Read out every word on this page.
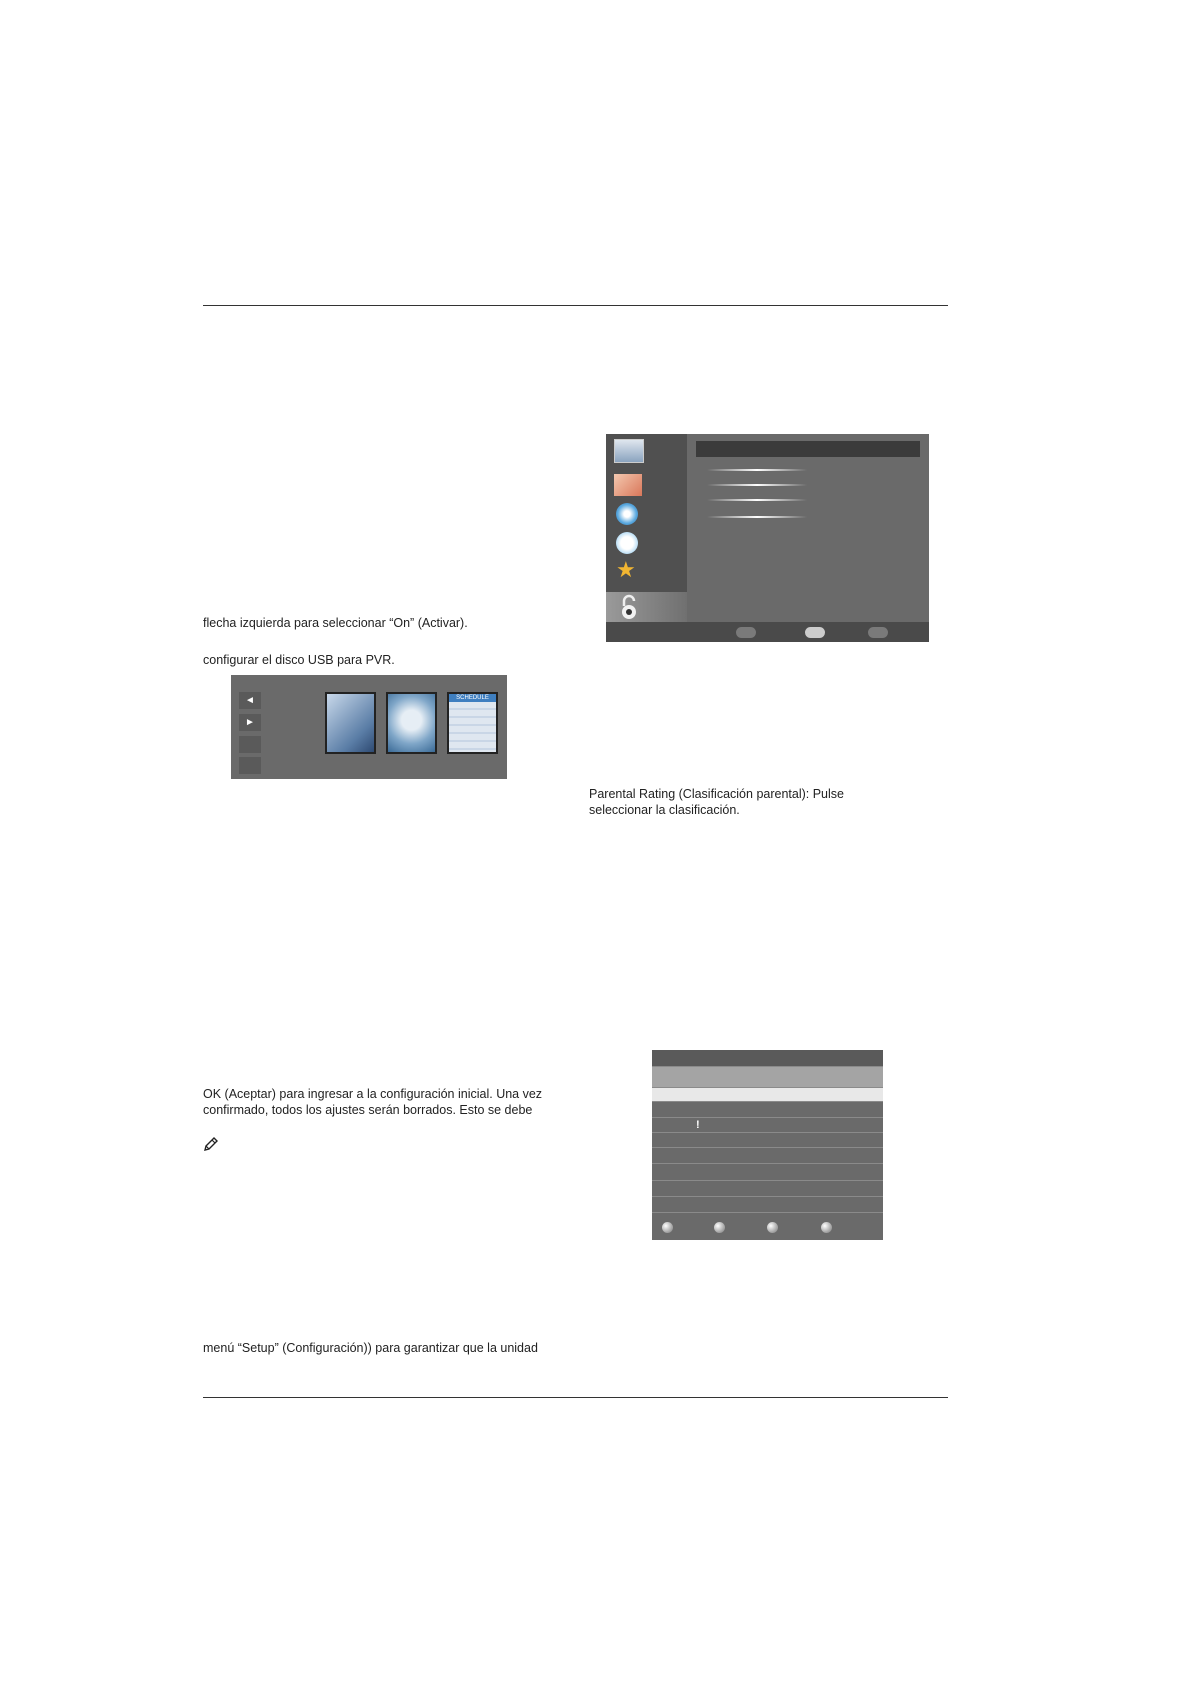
★
flecha izquierda para seleccionar “On” (Activar).
configurar el disco USB para PVR.
◄
►
SCHEDULE
Parental Rating (Clasificación parental): Pulse
seleccionar la clasificación.
OK (Aceptar) para ingresar a la configuración inicial. Una vez
confirmado, todos los ajustes serán borrados. Esto se debe
!
menú “Setup” (Configuración)) para garantizar que la unidad
